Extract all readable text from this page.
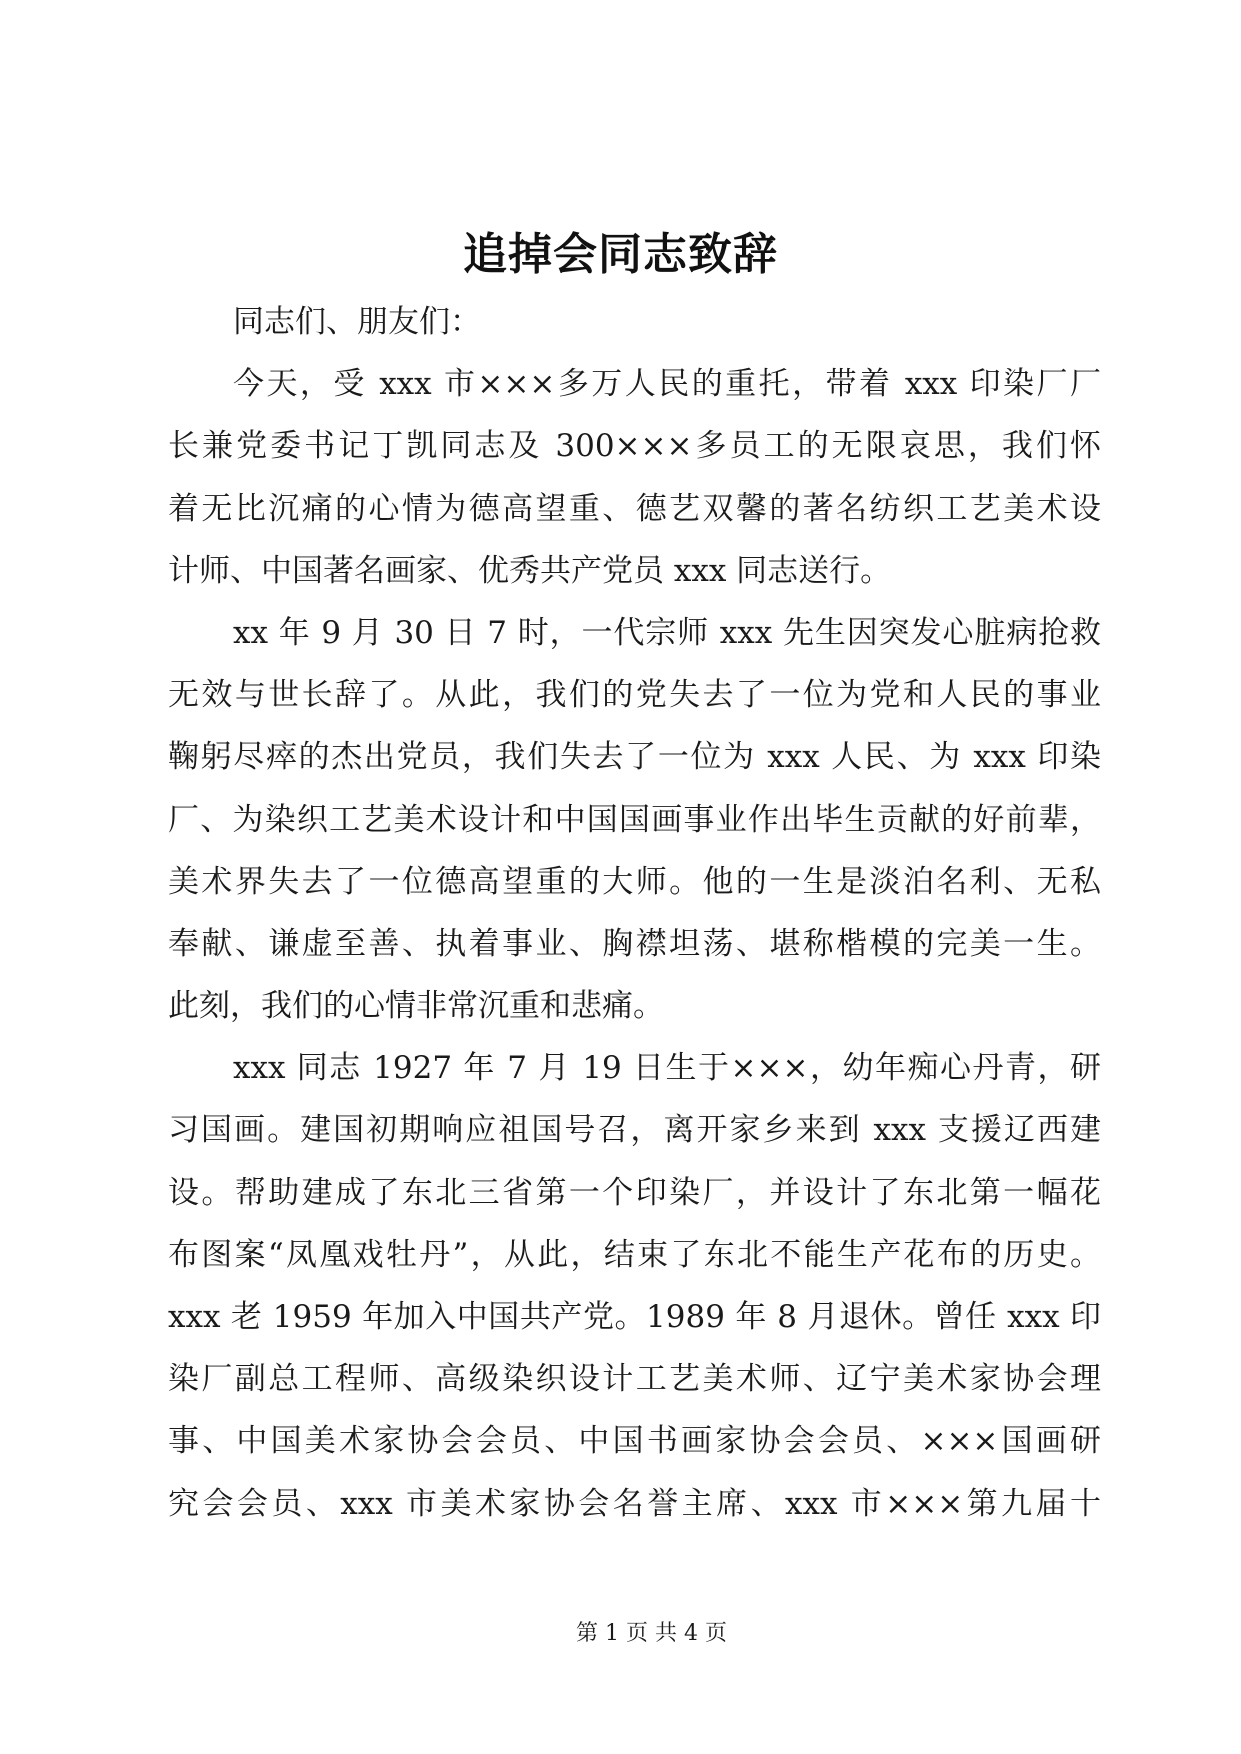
追掉会同志致辞
同志们、朋友们：
今天，受 xxx 市×××多万人民的重托，带着 xxx 印染厂厂
长兼党委书记丁凯同志及 300×××多员工的无限哀思，我们怀
着无比沉痛的心情为德高望重、德艺双馨的著名纺织工艺美术设
计师、中国著名画家、优秀共产党员 xxx 同志送行。
xx 年 9 月 30 日 7 时，一代宗师 xxx 先生因突发心脏病抢救
无效与世长辞了。从此，我们的党失去了一位为党和人民的事业
鞠躬尽瘁的杰出党员，我们失去了一位为 xxx 人民、为 xxx 印染
厂、为染织工艺美术设计和中国国画事业作出毕生贡献的好前辈，
美术界失去了一位德高望重的大师。他的一生是淡泊名利、无私
奉献、谦虚至善、执着事业、胸襟坦荡、堪称楷模的完美一生。
此刻，我们的心情非常沉重和悲痛。
xxx 同志 1927 年 7 月 19 日生于×××，幼年痴心丹青，研
习国画。建国初期响应祖国号召，离开家乡来到 xxx 支援辽西建
设。帮助建成了东北三省第一个印染厂，并设计了东北第一幅花
布图案“凤凰戏牡丹”，从此，结束了东北不能生产花布的历史。
xxx 老 1959 年加入中国共产党。1989 年 8 月退休。曾任 xxx 印
染厂副总工程师、高级染织设计工艺美术师、辽宁美术家协会理
事、中国美术家协会会员、中国书画家协会会员、×××国画研
究会会员、xxx 市美术家协会名誉主席、xxx 市×××第九届十
第 1 页 共 4 页
